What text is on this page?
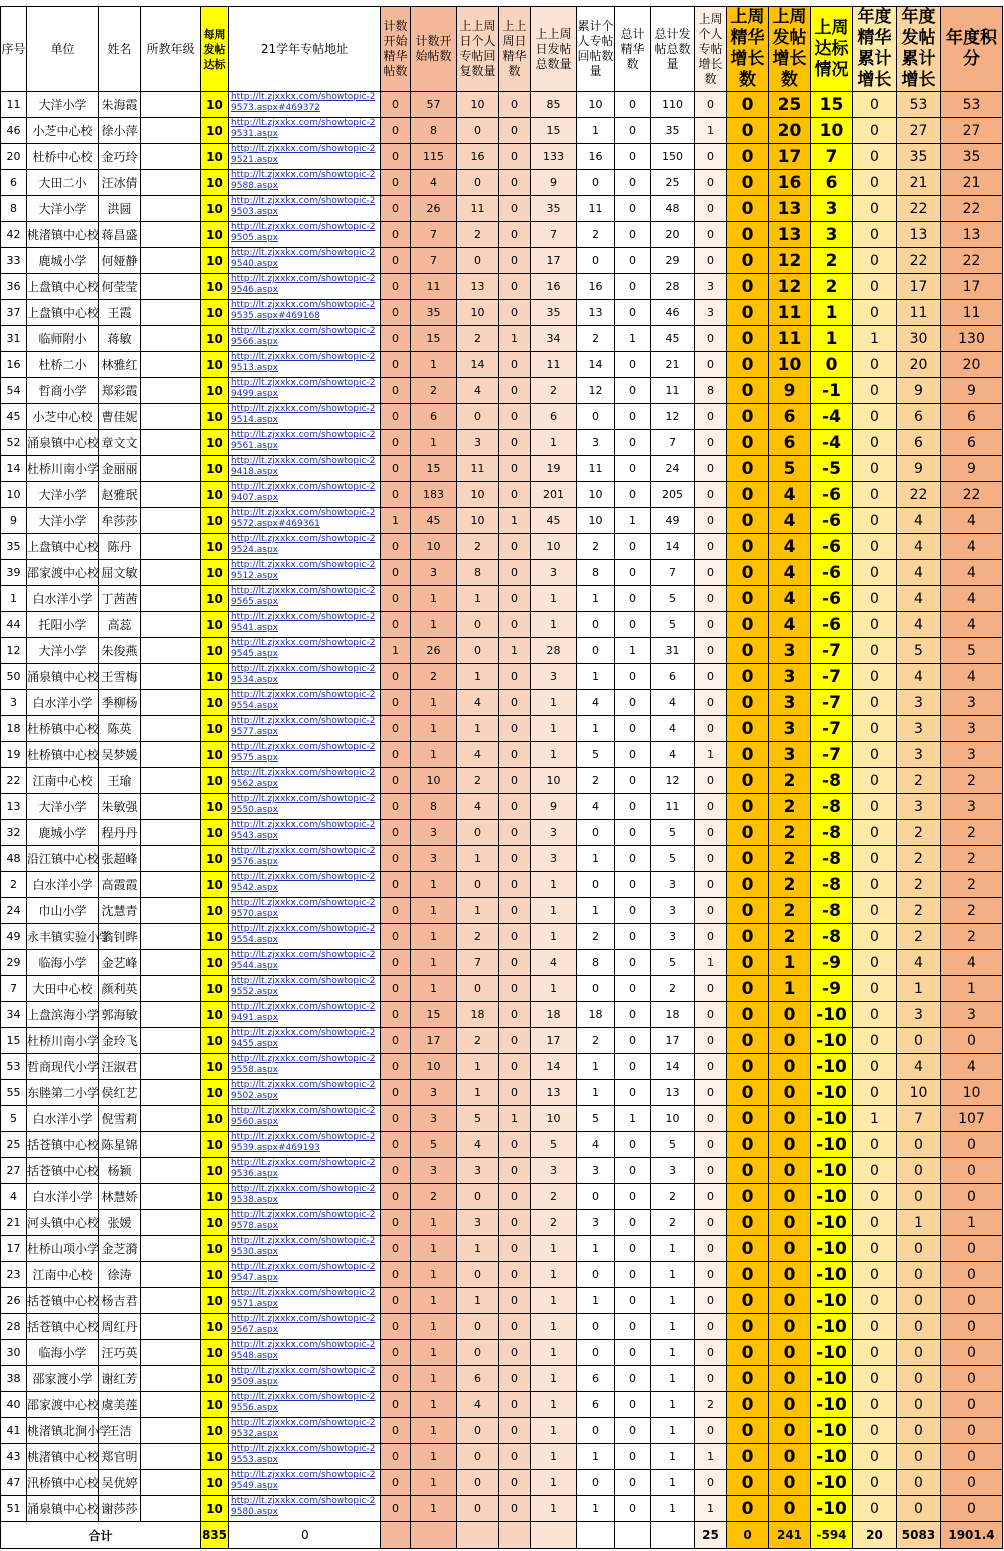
序号	单位	姓名	所教年级	每周发帖达标	21学年专帖地址	计数开始精华帖数	计数开始帖数	上上周日个人专帖回复数量	上上周日精华数	上上周日发帖总数量	累计个人专帖回帖数量	总计精华数	总计发帖总数量	上周个人专帖增长数	上周精华增长数	上周发帖增长数	上周达标情况	年度精华累计增长	年度发帖累计增长	年度积分
11	大洋小学	朱海霞		10	http://lt.zjxxkx.com/showtopic-29573.aspx#469372	0	57	10	0	85	10	0	110	0	0	25	15	0	53	53
46	小芝中心校	徐小萍		10	http://lt.zjxxkx.com/showtopic-29531.aspx	0	8	0	0	15	1	0	35	1	0	20	10	0	27	27
20	杜桥中心校	金巧玲		10	http://lt.zjxxkx.com/showtopic-29521.aspx	0	115	16	0	133	16	0	150	0	0	17	7	0	35	35
6	大田二小	汪冰倩		10	http://lt.zjxxkx.com/showtopic-29588.aspx	0	4	0	0	9	0	0	25	0	0	16	6	0	21	21
8	大洋小学	洪圆		10	http://lt.zjxxkx.com/showtopic-29503.aspx	0	26	11	0	35	11	0	48	0	0	13	3	0	22	22
42	桃渚镇中心校	蒋昌盛		10	http://lt.zjxxkx.com/showtopic-29505.aspx	0	7	2	0	7	2	0	20	0	0	13	3	0	13	13
33	鹿城小学	何娅静		10	http://lt.zjxxkx.com/showtopic-29540.aspx	0	7	0	0	17	0	0	29	0	0	12	2	0	22	22
36	上盘镇中心校	何莹莹		10	http://lt.zjxxkx.com/showtopic-29546.aspx	0	11	13	0	16	16	0	28	3	0	12	2	0	17	17
37	上盘镇中心校	王霞		10	http://lt.zjxxkx.com/showtopic-29535.aspx#469168	0	35	10	0	35	13	0	46	3	0	11	1	0	11	11
31	临师附小	蒋敏		10	http://lt.zjxxkx.com/showtopic-29566.aspx	0	15	2	1	34	2	1	45	0	0	11	1	1	30	130
16	杜桥二小	林雅红		10	http://lt.zjxxkx.com/showtopic-29513.aspx	0	1	14	0	11	14	0	21	0	0	10	0	0	20	20
54	哲商小学	郑彩霞		10	http://lt.zjxxkx.com/showtopic-29499.aspx	0	2	4	0	2	12	0	11	8	0	9	-1	0	9	9
45	小芝中心校	曹佳妮		10	http://lt.zjxxkx.com/showtopic-29514.aspx	0	6	0	0	6	0	0	12	0	0	6	-4	0	6	6
52	涌泉镇中心校	章文文		10	http://lt.zjxxkx.com/showtopic-29561.aspx	0	1	3	0	1	3	0	7	0	0	6	-4	0	6	6
14	杜桥川南小学	金丽丽		10	http://lt.zjxxkx.com/showtopic-29418.aspx	0	15	11	0	19	11	0	24	0	0	5	-5	0	9	9
10	大洋小学	赵雅珉		10	http://lt.zjxxkx.com/showtopic-29407.aspx	0	183	10	0	201	10	0	205	0	0	4	-6	0	22	22
9	大洋小学	牟莎莎		10	http://lt.zjxxkx.com/showtopic-29572.aspx#469361	1	45	10	1	45	10	1	49	0	0	4	-6	0	4	4
35	上盘镇中心校	陈丹		10	http://lt.zjxxkx.com/showtopic-29524.aspx	0	10	2	0	10	2	0	14	0	0	4	-6	0	4	4
39	邵家渡中心校	屈文敏		10	http://lt.zjxxkx.com/showtopic-29512.aspx	0	3	8	0	3	8	0	7	0	0	4	-6	0	4	4
1	白水洋小学	丁茜茜		10	http://lt.zjxxkx.com/showtopic-29565.aspx	0	1	1	0	1	1	0	5	0	0	4	-6	0	4	4
44	托阳小学	高蕊		10	http://lt.zjxxkx.com/showtopic-29541.aspx	0	1	0	0	1	0	0	5	0	0	4	-6	0	4	4
12	大洋小学	朱俊燕		10	http://lt.zjxxkx.com/showtopic-29545.aspx	1	26	0	1	28	0	1	31	0	0	3	-7	0	5	5
50	涌泉镇中心校	王雪梅		10	http://lt.zjxxkx.com/showtopic-29534.aspx	0	2	1	0	3	1	0	6	0	0	3	-7	0	4	4
3	白水洋小学	季柳杨		10	http://lt.zjxxkx.com/showtopic-29554.aspx	0	1	4	0	1	4	0	4	0	0	3	-7	0	3	3
18	杜桥镇中心校	陈英		10	http://lt.zjxxkx.com/showtopic-29577.aspx	0	1	1	0	1	1	0	4	0	0	3	-7	0	3	3
19	杜桥镇中心校	吴梦媛		10	http://lt.zjxxkx.com/showtopic-29575.aspx	0	1	4	0	1	5	0	4	1	0	3	-7	0	3	3
22	江南中心校	王瑜		10	http://lt.zjxxkx.com/showtopic-29562.aspx	0	10	2	0	10	2	0	12	0	0	2	-8	0	2	2
13	大洋小学	朱敏强		10	http://lt.zjxxkx.com/showtopic-29550.aspx	0	8	4	0	9	4	0	11	0	0	2	-8	0	3	3
32	鹿城小学	程丹丹		10	http://lt.zjxxkx.com/showtopic-29543.aspx	0	3	0	0	3	0	0	5	0	0	2	-8	0	2	2
48	沿江镇中心校	张超峰		10	http://lt.zjxxkx.com/showtopic-29576.aspx	0	3	1	0	3	1	0	5	0	0	2	-8	0	2	2
2	白水洋小学	高霞霞		10	http://lt.zjxxkx.com/showtopic-29542.aspx	0	1	0	0	1	0	0	3	0	0	2	-8	0	2	2
24	巾山小学	沈慧青		10	http://lt.zjxxkx.com/showtopic-29570.aspx	0	1	1	0	1	1	0	3	0	0	2	-8	0	2	2
49	永丰镇实验小学	翁钊晔		10	http://lt.zjxxkx.com/showtopic-29554.aspx	0	1	2	0	1	2	0	3	0	0	2	-8	0	2	2
29	临海小学	金艺峰		10	http://lt.zjxxkx.com/showtopic-29544.aspx	0	1	7	0	4	8	0	5	1	0	1	-9	0	4	4
7	大田中心校	颜利英		10	http://lt.zjxxkx.com/showtopic-29552.aspx	0	1	0	0	1	0	0	2	0	0	1	-9	0	1	1
34	上盘滨海小学	郭海敏		10	http://lt.zjxxkx.com/showtopic-29491.aspx	0	15	18	0	18	18	0	18	0	0	0	-10	0	3	3
15	杜桥川南小学	金玲飞		10	http://lt.zjxxkx.com/showtopic-29455.aspx	0	17	2	0	17	2	0	17	0	0	0	-10	0	0	0
53	哲商现代小学	汪淑君		10	http://lt.zjxxkx.com/showtopic-29558.aspx	0	10	1	0	14	1	0	14	0	0	0	-10	0	4	4
55	东塍第二小学	侯红艺		10	http://lt.zjxxkx.com/showtopic-29502.aspx	0	3	1	0	13	1	0	13	0	0	0	-10	0	10	10
5	白水洋小学	倪雪莉		10	http://lt.zjxxkx.com/showtopic-29560.aspx	0	3	5	1	10	5	1	10	0	0	0	-10	1	7	107
25	括苍镇中心校	陈星锦		10	http://lt.zjxxkx.com/showtopic-29539.aspx#469193	0	5	4	0	5	4	0	5	0	0	0	-10	0	0	0
27	括苍镇中心校	杨颖		10	http://lt.zjxxkx.com/showtopic-29536.aspx	0	3	3	0	3	3	0	3	0	0	0	-10	0	0	0
4	白水洋小学	林慧娇		10	http://lt.zjxxkx.com/showtopic-29538.aspx	0	2	0	0	2	0	0	2	0	0	0	-10	0	0	0
21	河头镇中心校	张媛		10	http://lt.zjxxkx.com/showtopic-29578.aspx	0	1	3	0	2	3	0	2	0	0	0	-10	0	1	1
17	杜桥山项小学	金芝漪		10	http://lt.zjxxkx.com/showtopic-29530.aspx	0	1	1	0	1	1	0	1	0	0	0	-10	0	0	0
23	江南中心校	徐涛		10	http://lt.zjxxkx.com/showtopic-29547.aspx	0	1	0	0	1	0	0	1	0	0	0	-10	0	0	0
26	括苍镇中心校	杨吉君		10	http://lt.zjxxkx.com/showtopic-29571.aspx	0	1	1	0	1	1	0	1	0	0	0	-10	0	0	0
28	括苍镇中心校	周红丹		10	http://lt.zjxxkx.com/showtopic-29567.aspx	0	1	0	0	1	0	0	1	0	0	0	-10	0	0	0
30	临海小学	汪巧英		10	http://lt.zjxxkx.com/showtopic-29548.aspx	0	1	0	0	1	0	0	1	0	0	0	-10	0	0	0
38	邵家渡小学	谢红芳		10	http://lt.zjxxkx.com/showtopic-29509.aspx	0	1	6	0	1	6	0	1	0	0	0	-10	0	0	0
40	邵家渡中心校	虞美莲		10	http://lt.zjxxkx.com/showtopic-29556.aspx	0	1	4	0	1	6	0	1	2	0	0	-10	0	0	0
41	桃渚镇北涧小学	王洁		10	http://lt.zjxxkx.com/showtopic-29532.aspx	0	1	0	0	1	0	0	1	0	0	0	-10	0	0	0
43	桃渚镇中心校	郑官明		10	http://lt.zjxxkx.com/showtopic-29553.aspx	0	1	0	0	1	1	0	1	1	0	0	-10	0	0	0
47	汛桥镇中心校	吴优婷		10	http://lt.zjxxkx.com/showtopic-29549.aspx	0	1	0	0	1	0	0	1	0	0	0	-10	0	0	0
51	涌泉镇中心校	谢莎莎		10	http://lt.zjxxkx.com/showtopic-29580.aspx	0	1	0	0	1	1	0	1	1	0	0	-10	0	0	0
合计				835	0									25	0	241	-594	20	5083	1901.4
